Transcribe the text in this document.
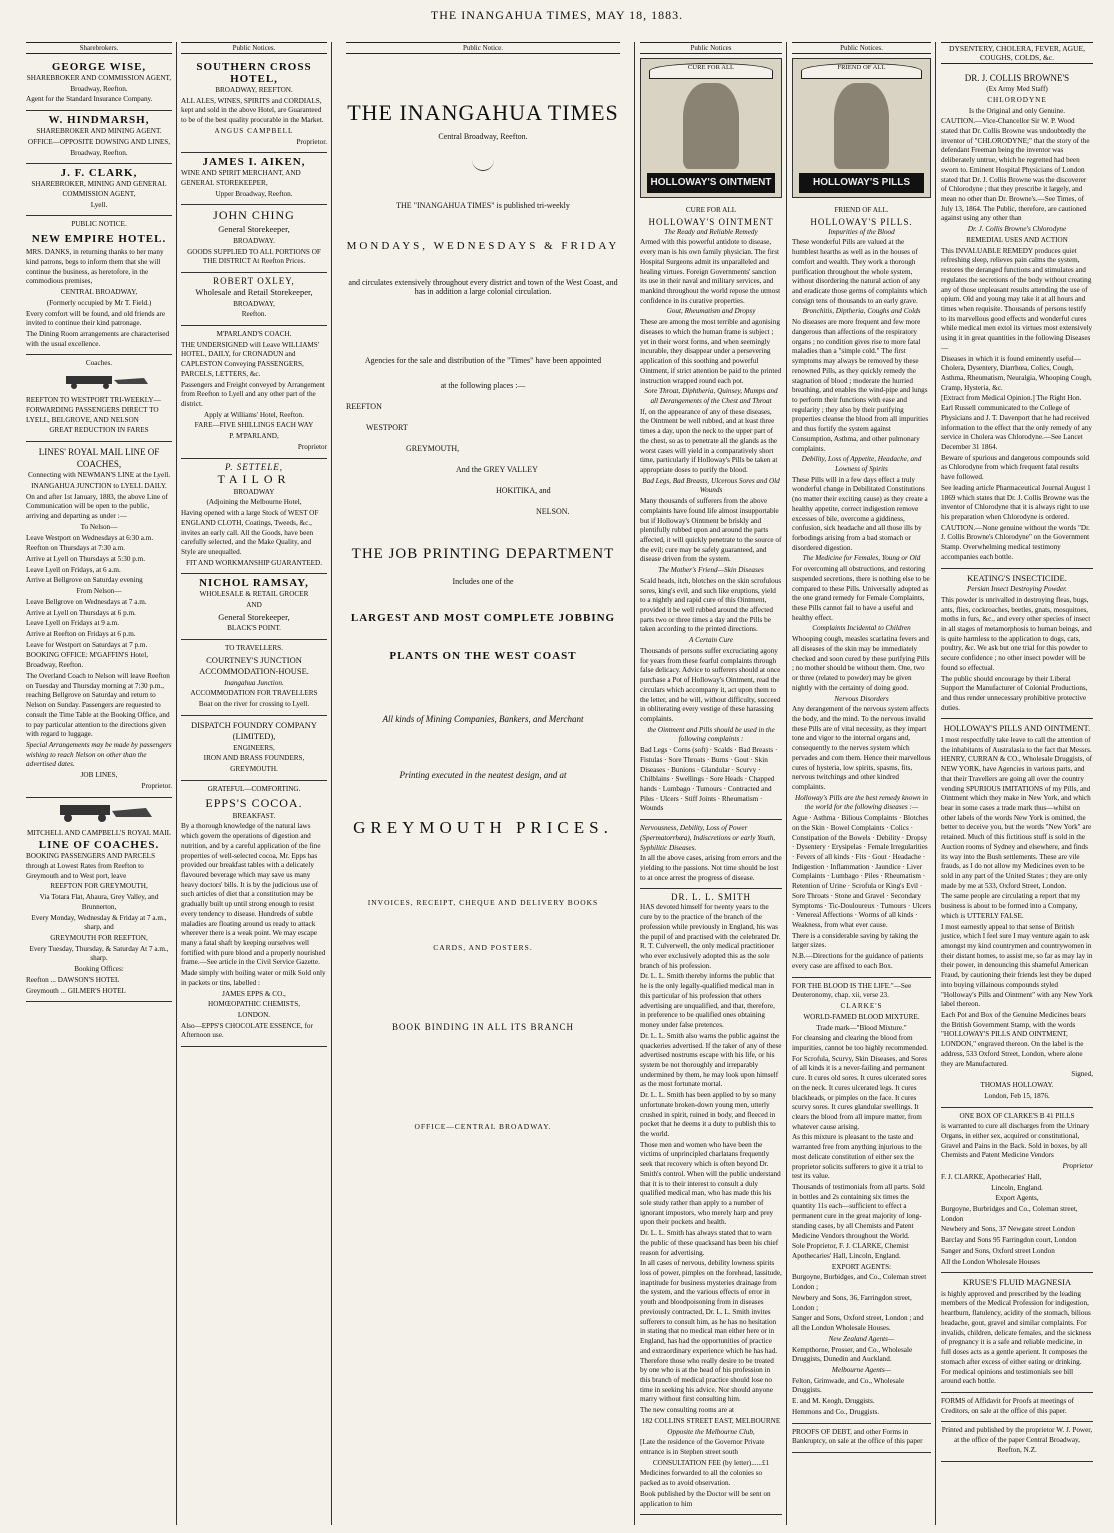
THE INANGAHUA TIMES, MAY 18, 1883.
Sharebrokers.
GEORGE WISE,

SHAREBROKER AND COMMISSION AGENT,

Broadway, Reefton.

Agent for the Standard Insurance Company.

W. HINDMARSH,

SHAREBROKER AND MINING AGENT.

OFFICE—OPPOSITE DOWSING AND LINES,

Broadway, Reefton.

J. F. CLARK,

SHAREBROKER, MINING AND GENERAL COMMISSION AGENT,

Lyell.

PUBLIC NOTICE.

NEW EMPIRE HOTEL.

MRS. DANKS, in returning thanks to her many kind patrons, begs to inform them that she will continue the business, as heretofore, in the commodious premises,

CENTRAL BROADWAY,

(Formerly occupied by Mr T. Field.)

Every comfort will be found, and old friends are invited to continue their kind patronage.

The Dining Room arrangements are characterised with the usual excellence.

Coaches.

REEFTON TO WESTPORT TRI-WEEKLY—FORWARDING PASSENGERS DIRECT TO LYELL, BELGROVE, AND NELSON

GREAT REDUCTION IN FARES

LINES' ROYAL MAIL LINE OF COACHES,

Connecting with NEWMAN'S LINE at the Lyell.

INANGAHUA JUNCTION to LYELL DAILY.

On and after 1st January, 1883, the above Line of Communication will be open to the public, arriving and departing as under :—

To Nelson—

Leave Westport on Wednesdays at 6:30 a.m.

Reefton on Thursdays at 7:30 a.m.

Arrive at Lyell on Thursdays at 5:30 p.m.

Leave Lyell on Fridays, at 6 a.m.

Arrive at Bellgrove on Saturday evening

From Nelson—

Leave Bellgrove on Wednesdays at 7 a.m.

Arrive at Lyell on Thursdays at 6 p.m.

Leave Lyell on Fridays at 9 a.m.

Arrive at Reefton on Fridays at 6 p.m.

Leave for Westport on Saturdays at 7 p.m.

BOOKING OFFICE: M'GAFFIN'S Hotel, Broadway, Reefton.

The Overland Coach to Nelson will leave Reefton on Tuesday and Thursday morning at 7:30 p.m., reaching Bellgrove on Saturday and return to Nelson on Sunday. Passengers are requested to consult the Time Table at the Booking Office, and to pay particular attention to the directions given with regard to luggage.

Special Arrangements may be made by passengers wishing to reach Nelson on other than the advertised dates.

JOB LINES,

Proprietor.

MITCHELL AND CAMPBELL'S ROYAL MAIL

LINE OF COACHES.

BOOKING PASSENGERS AND PARCELS through at Lowest Rates from Reefton to Greymouth and to West port, leave

REEFTON FOR GREYMOUTH,

Via Totara Flat, Ahaura, Grey Valley, and Brunnerton,

Every Monday, Wednesday & Friday at 7 a.m., sharp, and

GREYMOUTH FOR REEFTON,

Every Tuesday, Thursday, & Saturday At 7 a.m., sharp.

Booking Offices:

Reefton ... DAWSON'S HOTEL

Greymouth ... GILMER'S HOTEL

Public Notices.
SOUTHERN CROSS HOTEL,

BROADWAY, REEFTON.

ALL ALES, WINES, SPIRITS and CORDIALS, kept and sold in the above Hotel, are Guaranteed to be of the best quality procurable in the Market.

ANGUS CAMPBELL

Proprietor.

JAMES I. AIKEN,

WINE AND SPIRIT MERCHANT, AND GENERAL STOREKEEPER,

Upper Broadway, Reefton.

JOHN CHING

General Storekeeper,

BROADWAY.

GOODS SUPPLIED TO ALL PORTIONS OF THE DISTRICT At Reefton Prices.

ROBERT OXLEY,

Wholesale and Retail Storekeeper,

BROADWAY,

Reefton.

M'PARLAND'S COACH.

THE UNDERSIGNED will Leave WILLIAMS' HOTEL, DAILY, for CRONADUN and CAPLESTON Conveying PASSENGERS, PARCELS, LETTERS, &c.

Passengers and Freight conveyed by Arrangement from Reefton to Lyell and any other part of the district.

Apply at Williams' Hotel, Reefton.

FARE—FIVE SHILLINGS EACH WAY

P. M'PARLAND,

Proprietor

P. SETTELE,
TAILOR

BROADWAY

(Adjoining the Melbourne Hotel,

Having opened with a large Stock of WEST OF ENGLAND CLOTH, Coatings, Tweeds, &c., invites an early call. All the Goods, have been carefully selected, and the Make Quality, and Style are unequalled.

FIT AND WORKMANSHIP GUARANTEED.

NICHOL RAMSAY,

WHOLESALE & RETAIL GROCER

AND

General Storekeeper,

BLACK'S POINT.

TO TRAVELLERS.

COURTNEY'S JUNCTION ACCOMMODATION-HOUSE.

Inangahua Junction.

ACCOMMODATION FOR TRAVELLERS

Boat on the river for crossing to Lyell.

DISPATCH FOUNDRY COMPANY (LIMITED),

ENGINEERS,

IRON AND BRASS FOUNDERS,

GREYMOUTH.

GRATEFUL—COMFORTING.

EPPS'S COCOA.

BREAKFAST.

By a thorough knowledge of the natural laws which govern the operations of digestion and nutrition, and by a careful application of the fine properties of well-selected cocoa, Mr. Epps has provided our breakfast tables with a delicately flavoured beverage which may save us many heavy doctors' bills. It is by the judicious use of such articles of diet that a constitution may be gradually built up until strong enough to resist every tendency to disease. Hundreds of subtle maladies are floating around us ready to attack wherever there is a weak point. We may escape many a fatal shaft by keeping ourselves well fortified with pure blood and a properly nourished frame.—See article in the Civil Service Gazette.

Made simply with boiling water or milk Sold only in packets or tins, labelled :

JAMES EPPS & CO.,

HOMŒOPATHIC CHEMISTS,

LONDON.

Also—EPPS'S CHOCOLATE ESSENCE, for Afternoon use.

Public Notice.
THE INANGAHUA TIMES
Central Broadway, Reefton.
THE "INANGAHUA TIMES" is published tri-weekly
MONDAYS, WEDNESDAYS & FRIDAY
and circulates extensively throughout every district and town of the West Coast, and has in addition a large colonial circulation.
Agencies for the sale and distribution of the "Times" have been appointed
at the following places :—

REEFTON

WESTPORT

GREYMOUTH,

And the GREY VALLEY

HOKITIKA, and

NELSON.

THE JOB PRINTING DEPARTMENT
Includes one of the
LARGEST AND MOST COMPLETE JOBBING
PLANTS ON THE WEST COAST
All kinds of Mining Companies, Bankers, and Merchant
Printing executed in the neatest design, and at
GREYMOUTH PRICES.
INVOICES, RECEIPT, CHEQUE AND DELIVERY BOOKS
CARDS, AND POSTERS.
BOOK BINDING IN ALL ITS BRANCH
OFFICE—CENTRAL BROADWAY.
Public Notices

CURE FOR ALL

HOLLOWAY'S OINTMENT

CURE FOR ALL

HOLLOWAY'S OINTMENT

The Ready and Reliable Remedy

Armed with this powerful antidote to disease, every man is his own family physician. The first Hospital Surgeons admit its unparalleled and healing virtues. Foreign Governments' sanction its use in their naval and military services, and mankind throughout the world repose the utmost confidence in its curative properties.

Gout, Rheumatism and Dropsy

These are among the most terrible and agonising diseases to which the human frame is subject ; yet in their worst forms, and when seemingly incurable, they disappear under a persevering application of this soothing and powerful Ointment, if strict attention be paid to the printed instruction wrapped round each pot.

Sore Throat, Diphtheria, Quinsey, Mumps and all Derangements of the Chest and Throat

If, on the appearance of any of these diseases, the Ointment be well rubbed, and at least three times a day, upon the neck to the upper part of the chest, so as to penetrate all the glands as the worst cases will yield in a comparatively short time, particularly if Holloway's Pills be taken at appropriate doses to purify the blood.

Bad Legs, Bad Breasts, Ulcerous Sores and Old Wounds

Many thousands of sufferers from the above complaints have found life almost insupportable but if Holloway's Ointment be briskly and plentifully rubbed upon and around the parts affected, it will quickly penetrate to the source of the evil; cure may be safely guaranteed, and disease driven from the system.

The Mother's Friend—Skin Diseases

Scald heads, itch, blotches on the skin scrofulous sores, king's evil, and such like eruptions, yield to a nightly and rapid cure of this Ointment, provided it be well rubbed around the affected parts two or three times a day and the Pills be taken according to the printed directions.

A Certain Cure

Thousands of persons suffer excruciating agony for years from these fearful complaints through false delicacy. Advice to sufferers should at once purchase a Pot of Holloway's Ointment, read the circulars which accompany it, act upon them to the letter, and he will, without difficulty, succeed in obliterating every vestige of these harassing complaints.

the Ointment and Pills should be used in the following complaints :

Bad Legs · Corns (soft) · Scalds · Bad Breasts · Fistulas · Sore Throats · Burns · Gout · Skin Diseases · Bunions · Glandular · Scurvy · Chilblains · Swellings · Sore Heads · Chapped hands · Lumbago · Tumours · Contracted and Piles · Ulcers · Stiff Joints · Rheumatism · Wounds

Nervousness, Debility, Loss of Power (Spermatorrhœa), Indiscretions or early Youth, Syphilitic Diseases.

In all the above cases, arising from errors and the yielding to the passions. Not time should be lost to at once arrest the progress of disease.

DR. L. L. SMITH

HAS devoted himself for twenty years to the cure by to the practice of the branch of the profession while previously in England, his was the pupil of and practised with the celebrated Dr. R. T. Culverwell, the only medical practitioner who ever exclusively adopted this as the sole branch of his profession.

Dr. L. L. Smith thereby informs the public that he is the only legally-qualified medical man in this particular of his profession that others advertising are unqualified, and that, therefore, in preference to be qualified ones obtaining money under false pretences.

Dr. L. L. Smith also warns the public against the quackeries advertised. If the taker of any of these advertised nostrums escape with his life, or his system be not thoroughly and irreparably undermined by them, he may look upon himself as the most fortunate mortal.

Dr. L. L. Smith has been applied to by so many unfortunate broken-down young men, utterly crushed in spirit, ruined in body, and fleeced in pocket that he deems it a duty to publish this to the world.

Those men and women who have been the victims of unprincipled charlatans frequently seek that recovery which is often beyond Dr. Smith's control. When will the public understand that it is to their interest to consult a duly qualified medical man, who has made this his sole study rather than apply to a number of ignorant impostors, who merely harp and prey upon their pockets and health.

Dr. L. L. Smith has always stated that to warn the public of these quacksand has been his chief reason for advertising.

In all cases of nervous, debility lowness spirits loss of power, pimples on the forehead, lassitude, inaptitude for business mysteries drainage from the system, and the various effects of error in youth and bloodpoisoning from in diseases previously contracted, Dr. L. L. Smith invites sufferers to consult him, as he has no hesitation in stating that no medical man either here or in England, has had the opportunities of practice and extraordinary experience which he has had. Therefore those who really desire to be treated by one who is at the head of his profession in this branch of medical practice should lose no time in seeking his advice. Nor should anyone marry without first consulting him.

The new consulting rooms are at

182 COLLINS STREET EAST, MELBOURNE

Opposite the Melbourne Club,

[Late the residence of the Governor Private entrance is in Stephen street south

CONSULTATION FEE (by letter)......£1

Medicines forwarded to all the colonies so packed as to avoid observation.

Book published by the Doctor will be sent on application to him

Public Notices.

FRIEND OF ALL

HOLLOWAY'S PILLS

FRIEND OF ALL.

HOLLOWAY'S PILLS.

Impurities of the Blood

These wonderful Pills are valued at the humblest hearths as well as in the houses of comfort and wealth. They work a thorough purification throughout the whole system, without disordering the natural action of any and eradicate those germs of complaints which consign tens of thousands to an early grave.

Bronchitis, Diptheria, Coughs and Colds

No diseases are more frequent and few more dangerous than affections of the respiratory organs ; no condition gives rise to more fatal maladies than a "simple cold." The first symptoms may always be removed by these renowned Pills, as they quickly remedy the stagnation of blood ; moderate the hurried breathing, and enables the wind-pipe and lungs to perform their functions with ease and regularity ; they also by their purifying properties cleanse the blood from all impurities and thus fortify the system against Consumption, Asthma, and other pulmonary complaints.

Debility, Loss of Appetite, Headache, and Lowness of Spirits

These Pills will in a few days effect a truly wonderful change in Debilitated Constitutions (no matter their exciting cause) as they create a healthy appetite, correct indigestion remove excesses of bile, overcome a giddiness, confusion, sick headache and all those ills by forbodings arising from a bad stomach or disordered digestion.

The Medicine for Females, Young or Old

For overcoming all obstructions, and restoring suspended secretions, there is nothing else to be compared to these Pills. Universally adopted as the one grand remedy for Female Complaints, these Pills cannot fail to have a useful and healthy effect.

Complaints Incidental to Children

Whooping cough, measles scarlatina fevers and all diseases of the skin may be immediately checked and soon cured by these purifying Pills ; no mother should be without them. One, two or three (related to powder) may be given nightly with the certainty of doing good.

Nervous Disorders

Any derangement of the nervous system affects the body, and the mind. To the nervous invalid these Pills are of vital necessity, as they impart tone and vigor to the internal organs and, consequently to the nerves system which pervades and com them. Hence their marvellous cures of hysteria, low spirits, spasms, fits, nervous twitchings and other kindred complaints.

Holloway's Pills are the best remedy known in the world for the following diseases :—

Ague · Asthma · Bilious Complaints · Blotches on the Skin · Bowel Complaints · Colics · Constipation of the Bowels · Debility · Dropsy · Dysentery · Erysipelas · Female Irregularities · Fevers of all kinds · Fits · Gout · Headache · Indigestion · Inflammation · Jaundice · Liver Complaints · Lumbago · Piles · Rheumatism · Retention of Urine · Scrofula or King's Evil · Sore Throats · Stone and Gravel · Secondary Symptoms · Tic-Douloureux · Tumours · Ulcers · Venereal Affections · Worms of all kinds · Weakness, from what ever cause.

There is a considerable saving by taking the larger sizes.

N.B.—Directions for the guidance of patients every case are affixed to each Box.

FOR THE BLOOD IS THE LIFE."—See Deuteronomy, chap. xii, verse 23.

CLARKE'S

WORLD-FAMED BLOOD MIXTURE.

Trade mark—"Blood Mixture."

For cleansing and clearing the blood from impurities, cannot be too highly recommended.

For Scrofula, Scurvy, Skin Diseases, and Sores of all kinds it is a never-failing and permanent cure. It cures old sores. It cures ulcerated sores on the neck. It cures ulcerated legs. It cures blackheads, or pimples on the face. It cures scurvy sores. It cures glandular swellings. It clears the blood from all impure matter, from whatever cause arising.

As this mixture is pleasant to the taste and warranted free from anything injurious to the most delicate constitution of either sex the proprietor solicits sufferers to give it a trial to test its value.

Thousands of testimonials from all parts. Sold in bottles and 2s containing six times the quantity 11s each—sufficient to effect a permanent cure in the great majority of long-standing cases, by all Chemists and Patent Medicine Vendors throughout the World.

Sole Proprietor, F. J. CLARKE, Chemist Apothecaries' Hall, Lincoln, England.

EXPORT AGENTS:

Burgoyne, Burbidges, and Co., Coleman street London ;

Newbery and Sons, 36, Farringdon street, London ;

Sanger and Sons, Oxford street, London ; and all the London Wholesale Houses.

New Zealand Agents—

Kempthorne, Prosser, and Co., Wholesale Druggists, Dunedin and Auckland.

Melbourne Agents—

Felton, Grimwade, and Co., Wholesale Druggists.

E. and M. Keogh, Druggists.

Hemmons and Co., Druggists.

PROOFS OF DEBT, and other Forms in Bankruptcy, on sale at the office of this paper

DYSENTERY, CHOLERA, FEVER, AGUE, COUGHS, COLDS, &c.

DR. J. COLLIS BROWNE'S

(Ex Army Med Staff)

CHLORODYNE

Is the Original and only Genuine.

CAUTION.—Vice-Chancellor Sir W. P. Wood stated that Dr. Collis Browne was undoubtedly the inventor of "CHLORODYNE;" that the story of the defendant Freeman being the inventor was deliberately untrue, which he regretted had been sworn to. Eminent Hospital Physicians of London stated that Dr. J. Collis Browne was the discoverer of Chlorodyne ; that they prescribe it largely, and mean no other than Dr. Browne's.—See Times, of July 13, 1864. The Public, therefore, are cautioned against using any other than

Dr. J. Collis Browne's Chlorodyne

REMEDIAL USES AND ACTION

This INVALUABLE REMEDY produces quiet refreshing sleep, relieves pain calms the system, restores the deranged functions and stimulates and regulates the secretions of the body without creating any of those unpleasant results attending the use of opium. Old and young may take it at all hours and times when requisite. Thousands of persons testify to its marvellous good effects and wonderful cures while medical men extol its virtues most extensively using it in great quantities in the following Diseases—

Diseases in which it is found eminently useful—Cholera, Dysentery, Diarrhœa, Colics, Cough, Asthma, Rheumatism, Neuralgia, Whooping Cough, Cramp, Hysteria, &c.

[Extract from Medical Opinion.] The Right Hon. Earl Russell communicated to the College of Physicians and J. T. Davenport that he had received information to the effect that the only remedy of any service in Cholera was Chlorodyne.—See Lancet December 31 1864.

Beware of spurious and dangerous compounds sold as Chlorodyne from which frequent fatal results have followed.

See leading article Pharmaceutical Journal August 1 1869 which states that Dr. J. Collis Browne was the inventor of Chlorodyne that it is always right to use his preparation when Chlorodyne is ordered.

CAUTION.—None genuine without the words "Dr. J. Collis Browne's Chlorodyne" on the Government Stamp. Overwhelming medical testimony accompanies each bottle.

KEATING'S INSECTICIDE.

Persian Insect Destroying Powder.

This powder is unrivalled in destroying fleas, bugs, ants, flies, cockroaches, beetles, gnats, mosquitoes, moths in furs, &c., and every other species of insect in all stages of metamorphosis to human beings, and is quite harmless to the application to dogs, cats, poultry, &c. We ask but one trial for this powder to secure confidence ; no other insect powder will be found so effectual.

The public should encourage by their Liberal Support the Manufacturer of Colonial Productions, and thus render unnecessary prohibitive protective duties.

HOLLOWAY'S PILLS AND OINTMENT.

I most respectfully take leave to call the attention of the inhabitants of Australasia to the fact that Messrs. HENRY, CURRAN & CO., Wholesale Druggists, of NEW YORK, have Agencies in various parts, and that their Travellers are going all over the country vending SPURIOUS IMITATIONS of my Pills, and Ointment which they make in New York, and which bear in some cases a trade mark thus—whilst on other labels of the words New York is omitted, the better to deceive you, but the words "New York" are retained. Much of this fictitious stuff is sold in the Auction rooms of Sydney and elsewhere, and finds its way into the Bush settlements. These are vile frauds, as I do not allow my Medicines even to be sold in any part of the United States ; they are only made by me at 533, Oxford Street, London.

The same people are circulating a report that my business is about to be formed into a Company, which is UTTERLY FALSE.

I most earnestly appeal to that sense of British justice, which I feel sure I may venture again to ask amongst my kind countrymen and countrywomen in their distant homes, to assist me, so far as may lay in their power, in denouncing this shameful American Fraud, by cautioning their friends lest they be duped into buying villainous compounds styled "Holloway's Pills and Ointment" with any New York label thereon.

Each Pot and Box of the Genuine Medicines bears the British Government Stamp, with the words "HOLLOWAY'S PILLS AND OINTMENT, LONDON," engraved thereon. On the label is the address, 533 Oxford Street, London, where alone they are Manufactured.

Signed,

THOMAS HOLLOWAY.

London, Feb 15, 1876.

ONE BOX OF CLARKE'S B 41 PILLS

is warranted to cure all discharges from the Urinary Organs, in either sex, acquired or constitutional, Gravel and Pains in the Back. Sold in boxes, by all Chemists and Patent Medicine Vendors

Proprietor

F. J. CLARKE, Apothecaries' Hall,

Lincoln, England.

Export Agents,

Burgoyne, Burbridges and Co., Coleman street, London

Newbery and Sons, 37 Newgate street London

Barclay and Sons 95 Farringdon court, London

Sanger and Sons, Oxford street London

All the London Wholesale Houses

KRUSE'S FLUID MAGNESIA

is highly approved and prescribed by the leading members of the Medical Profession for indigestion, heartburn, flatulency, acidity of the stomach, bilious headache, gout, gravel and similar complaints. For invalids, children, delicate females, and the sickness of pregnancy it is a safe and reliable medicine, in full doses acts as a gentle aperient. It composes the stomach after excess of either eating or drinking. For medical opinions and testimonials see bill around each bottle.

FORMS of Affidavit for Proofs at meetings of Creditors, on sale at the office of this paper.

Printed and published by the proprietor W. J. Power, at the office of the paper Central Broadway, Reefton, N.Z.
